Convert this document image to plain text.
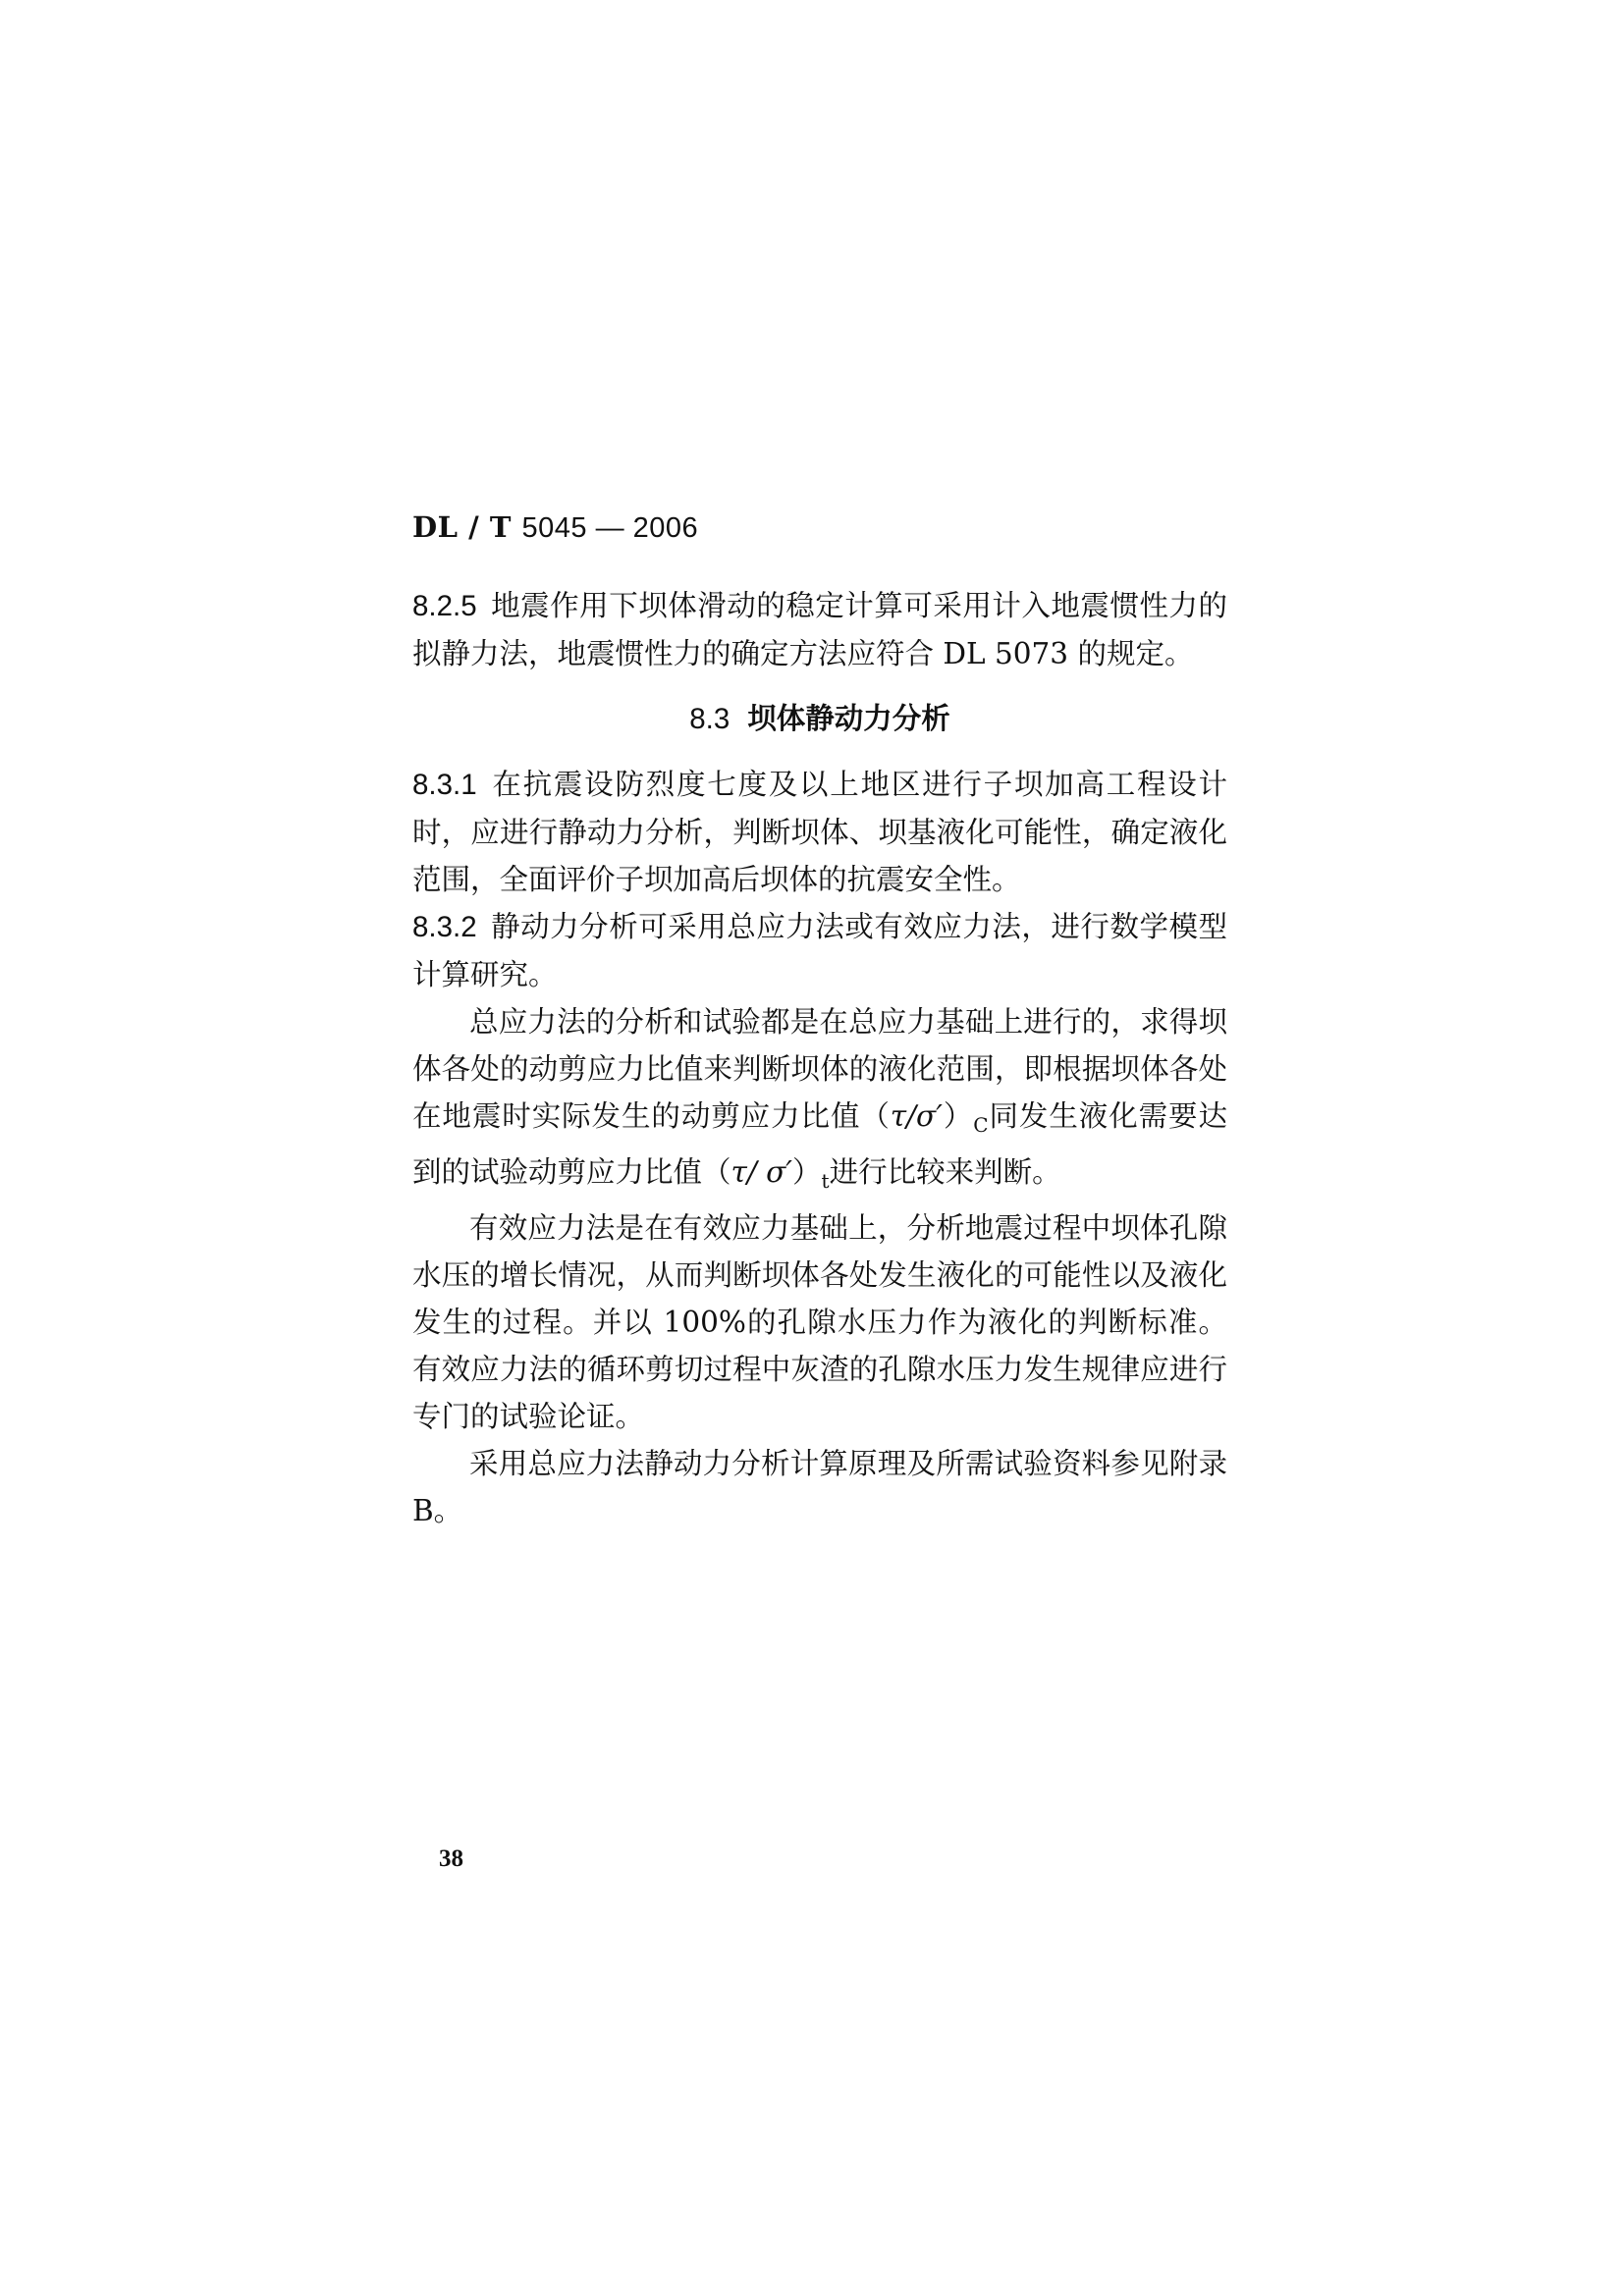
DL / T 5045 — 2006

8.2.5 地震作用下坝体滑动的稳定计算可采用计入地震惯性力的拟静力法，地震惯性力的确定方法应符合 DL 5073 的规定。

8.3 坝体静动力分析

8.3.1 在抗震设防烈度七度及以上地区进行子坝加高工程设计时，应进行静动力分析，判断坝体、坝基液化可能性，确定液化范围，全面评价子坝加高后坝体的抗震安全性。

8.3.2 静动力分析可采用总应力法或有效应力法，进行数学模型计算研究。

总应力法的分析和试验都是在总应力基础上进行的，求得坝体各处的动剪应力比值来判断坝体的液化范围，即根据坝体各处在地震时实际发生的动剪应力比值$(\tau/\sigma')_C$同发生液化需要达到的试验动剪应力比值（τ/ $\sigma')_t$进行比较来判断。

有效应力法是在有效应力基础上，分析地震过程中坝体孔隙水压的增长情况，从而判断坝体各处发生液化的可能性以及液化发生的过程。并以 100%的孔隙水压力作为液化的判断标准。有效应力法的循环剪切过程中灰渣的孔隙水压力发生规律应进行专门的试验论证。

采用总应力法静动力分析计算原理及所需试验资料参见附录 B。

38
